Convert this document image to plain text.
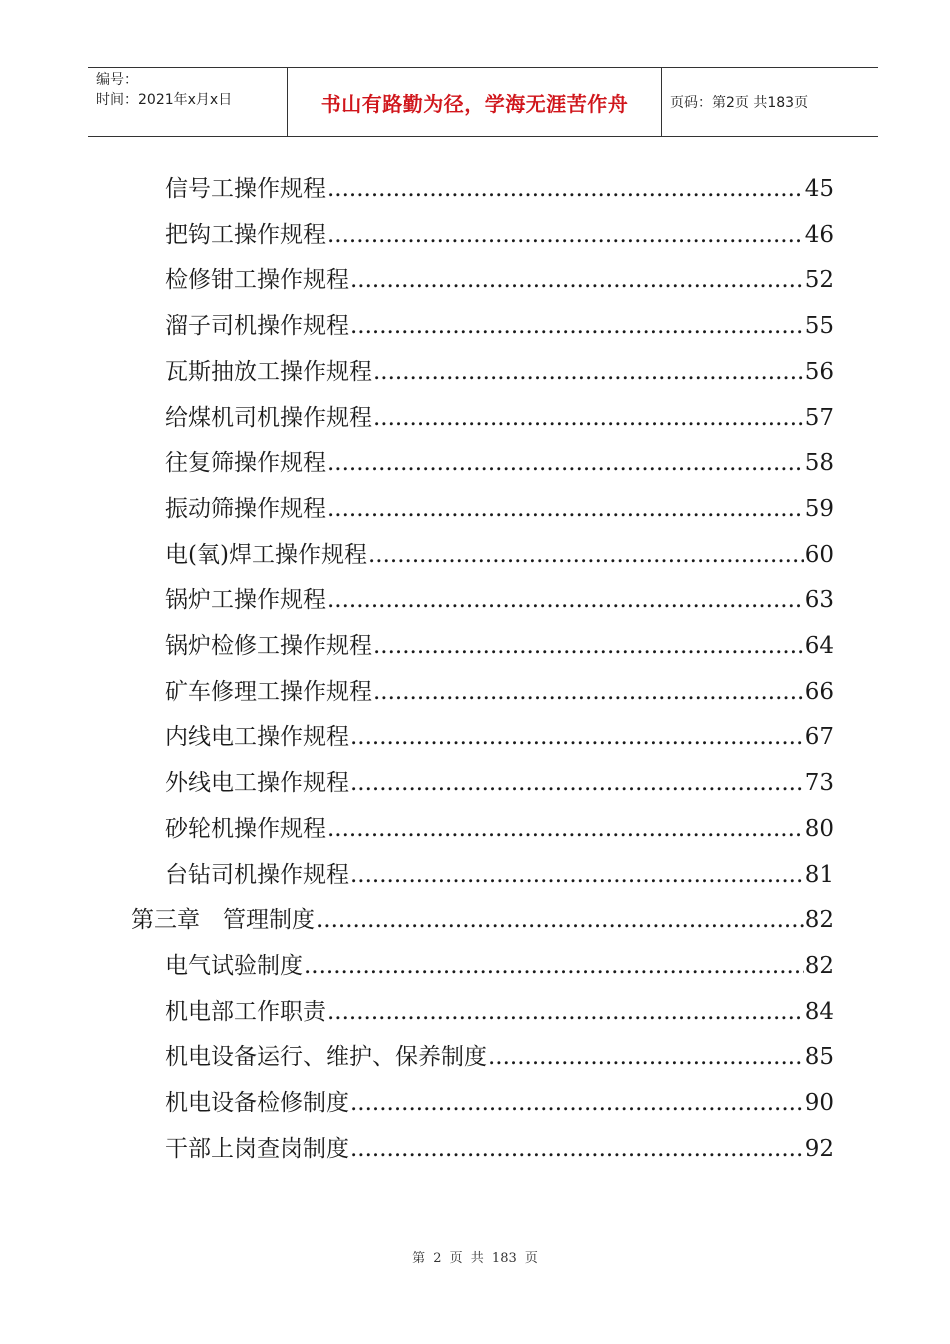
编号：
时间：2021年x月x日	书山有路勤为径，学海无涯苦作舟	页码：第2页 共183页
信号工操作规程 .....	45
把钩工操作规程 .....	46
检修钳工操作规程 .....	52
溜子司机操作规程 .....	55
瓦斯抽放工操作规程 .....	56
给煤机司机操作规程 .....	57
往复筛操作规程 .....	58
振动筛操作规程 .....	59
电(氧)焊工操作规程 .....	60
锅炉工操作规程 .....	63
锅炉检修工操作规程 .....	64
矿车修理工操作规程 .....	66
内线电工操作规程 .....	67
外线电工操作规程 .....	73
砂轮机操作规程 .....	80
台钻司机操作规程 .....	81
第三章　管理制度 .....	82
电气试验制度 .....	82
机电部工作职责 .....	84
机电设备运行、维护、保养制度 .....	85
机电设备检修制度 .....	90
干部上岗查岗制度 .....	92
第 2 页 共 183 页
